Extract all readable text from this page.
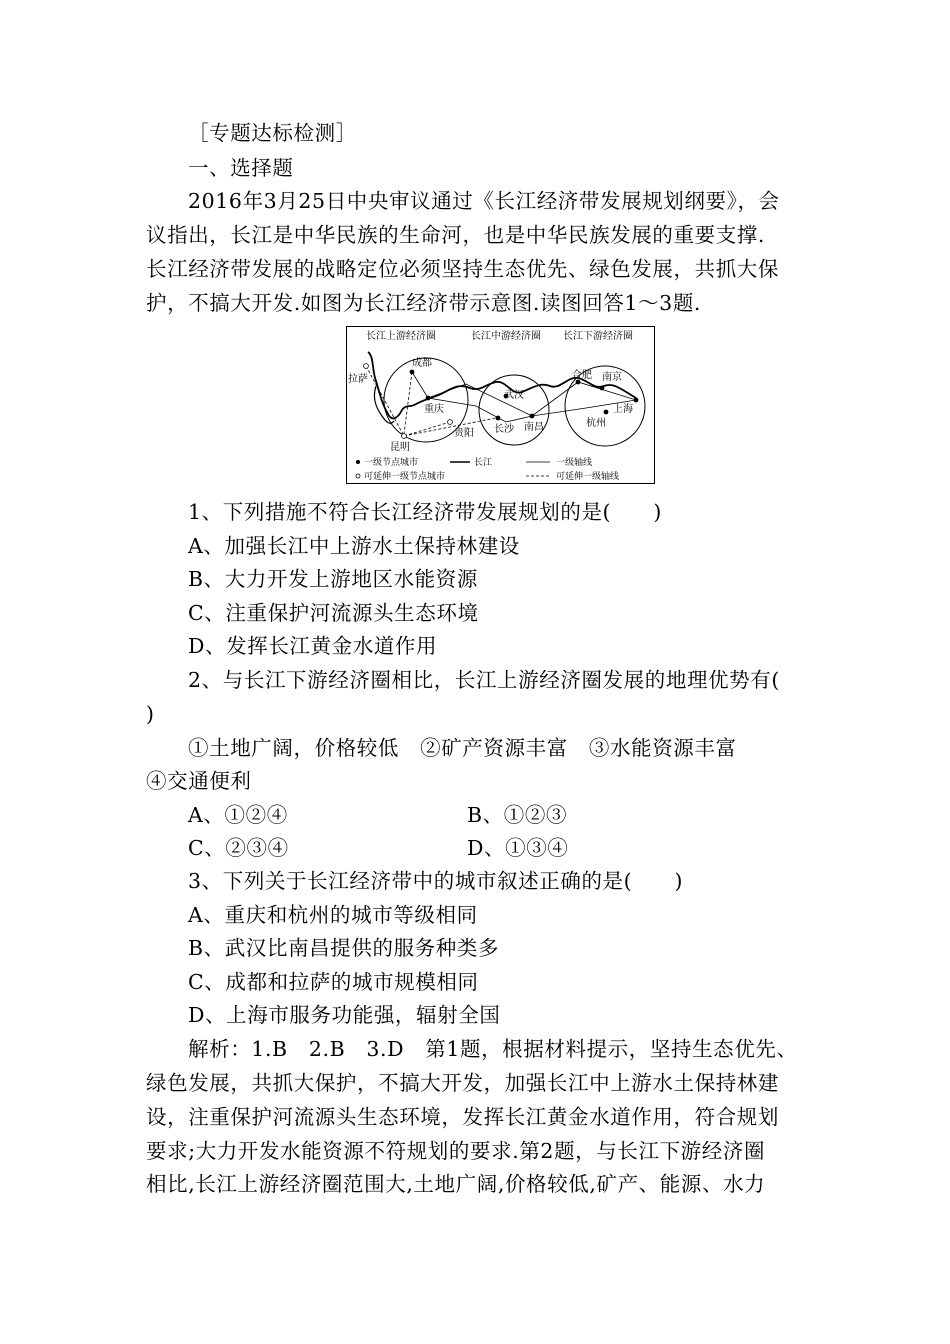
［专题达标检测］
一、选择题
2016年3月25日中央审议通过《长江经济带发展规划纲要》，会
议指出，长江是中华民族的生命河，也是中华民族发展的重要支撑.
长江经济带发展的战略定位必须坚持生态优先、绿色发展，共抓大保
护，不搞大开发.如图为长江经济带示意图.读图回答1～3题.
长江上游经济圈	长江中游经济圈 长江下游经济圈
成都
拉萨
重庆
昆明
贵阳
武汉
长沙 南昌
合肥 南京
上海
杭州
一级节点城市	长江	一级轴线
可延伸一级节点城市	可延伸一级轴线
1、下列措施不符合长江经济带发展规划的是(　　)
A、加强长江中上游水土保持林建设
B、大力开发上游地区水能资源
C、注重保护河流源头生态环境
D、发挥长江黄金水道作用
2、与长江下游经济圈相比，长江上游经济圈发展的地理优势有(
)
①土地广阔，价格较低　②矿产资源丰富　③水能资源丰富
④交通便利
A、①②④	B、①②③
C、②③④	D、①③④
3、下列关于长江经济带中的城市叙述正确的是(　　)
A、重庆和杭州的城市等级相同
B、武汉比南昌提供的服务种类多
C、成都和拉萨的城市规模相同
D、上海市服务功能强，辐射全国
解析：1.B　2.B　3.D　第1题，根据材料提示，坚持生态优先、
绿色发展，共抓大保护，不搞大开发，加强长江中上游水土保持林建
设，注重保护河流源头生态环境，发挥长江黄金水道作用，符合规划
要求;大力开发水能资源不符规划的要求.第2题，与长江下游经济圈
相比,长江上游经济圈范围大,土地广阔,价格较低,矿产、能源、水力
